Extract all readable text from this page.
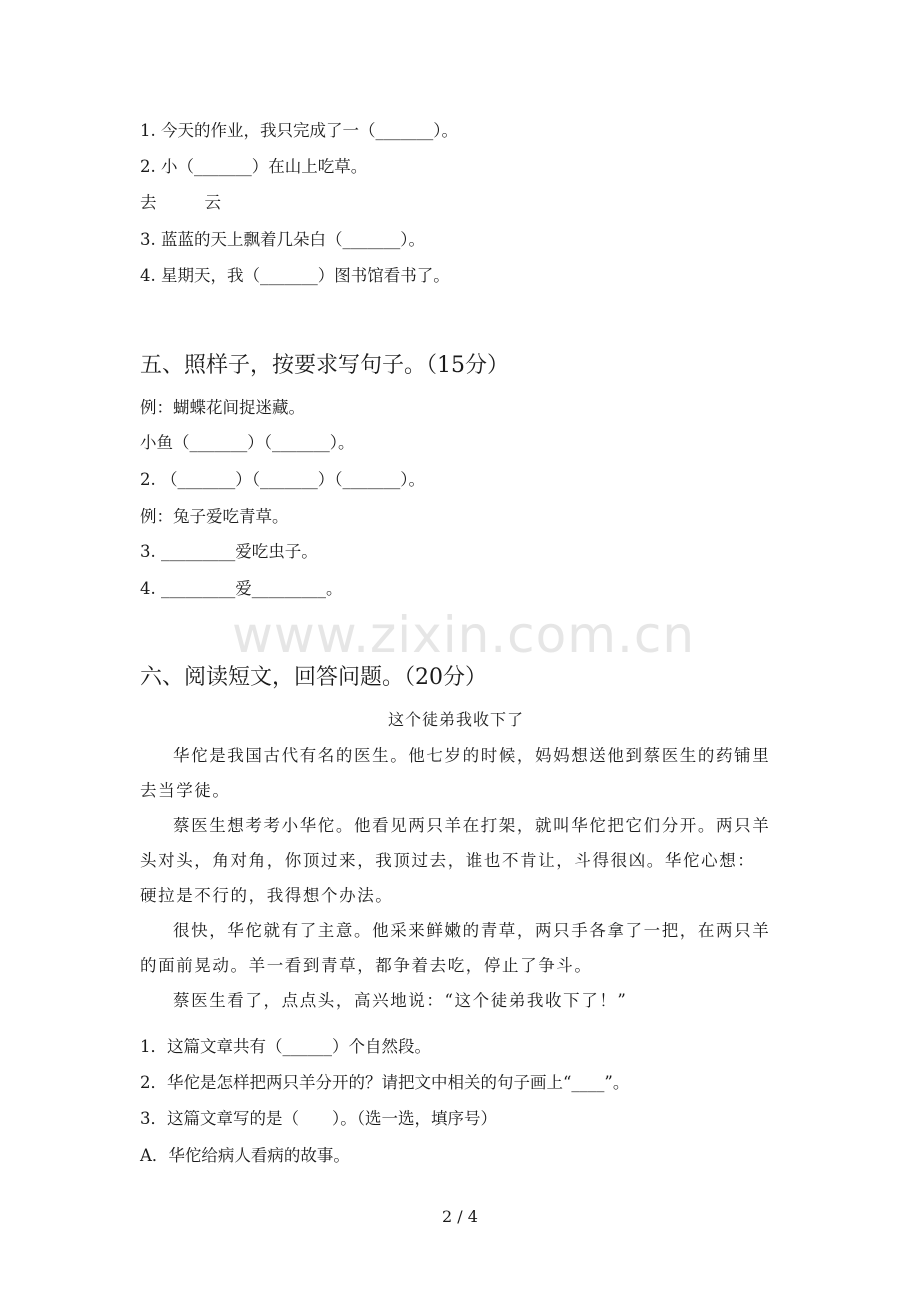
1. 今天的作业，我只完成了一（_______）。
2. 小（_______）在山上吃草。
去	云
3. 蓝蓝的天上飘着几朵白（_______）。
4. 星期天，我（_______）图书馆看书了。
五、照样子，按要求写句子。（15分）
例：蝴蝶花间捉迷藏。
小鱼（_______）（_______）。
2. （_______）（_______）（_______）。
例：兔子爱吃青草。
3. _________爱吃虫子。
4. _________爱_________。
www.zixin.com.cn
六、阅读短文，回答问题。（20分）
这个徒弟我收下了
华佗是我国古代有名的医生。他七岁的时候，妈妈想送他到蔡医生的药铺里去当学徒。
蔡医生想考考小华佗。他看见两只羊在打架，就叫华佗把它们分开。两只羊头对头，角对角，你顶过来，我顶过去，谁也不肯让，斗得很凶。华佗心想：硬拉是不行的，我得想个办法。
很快，华佗就有了主意。他采来鲜嫩的青草，两只手各拿了一把，在两只羊的面前晃动。羊一看到青草，都争着去吃，停止了争斗。
蔡医生看了，点点头，高兴地说：“这个徒弟我收下了！”
1．这篇文章共有（______）个自然段。
2．华佗是怎样把两只羊分开的？请把文中相关的句子画上“____”。
3．这篇文章写的是（　　）。（选一选，填序号）
A．华佗给病人看病的故事。
2 / 4
